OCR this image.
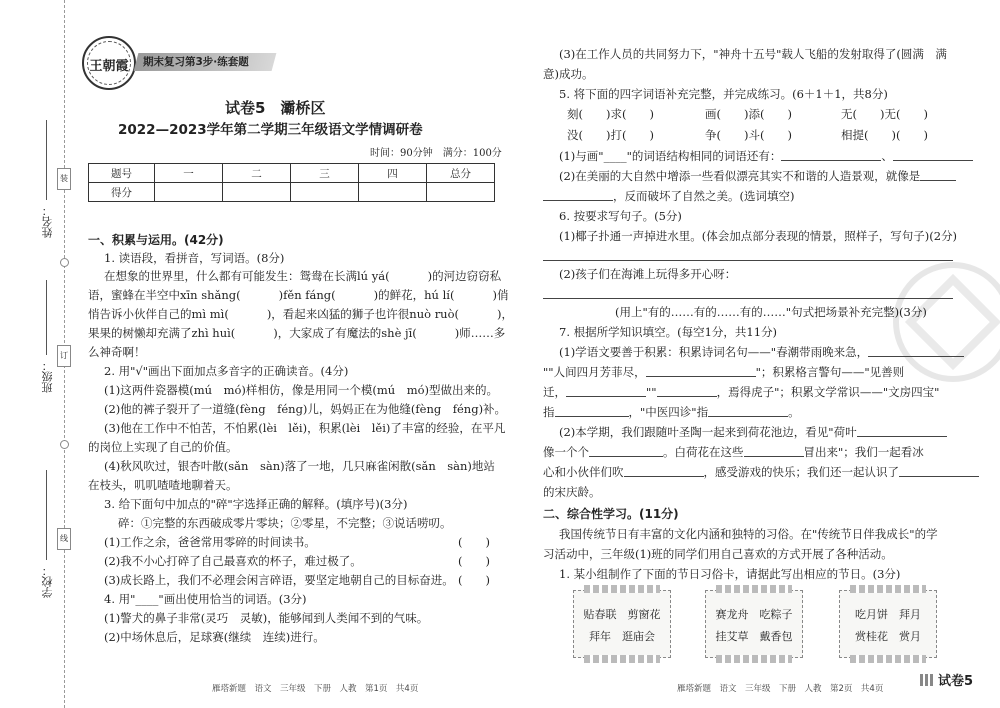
姓名：
班级：
学校：
装
订
线
王朝霞	期末复习第3步·练套题
试卷5　灞桥区
2022—2023学年第二学期三年级语文学情调研卷
时间：90分钟　满分：100分
题号	一	二	三	四	总分
得分					
一、积累与运用。(42分)
1. 读语段，看拼音，写词语。(8分)
在想象的世界里，什么都有可能发生：鸳鸯在长满lú yá(	)的河边窃窃私
语，蜜蜂在半空中xīn shǎng(	)fěn fáng(	)的鲜花，hú lí(	)俏
悄告诉小伙伴自己的mì mì(	)，看起来凶猛的狮子也许很nuò ruò(	)，
果果的树懒却充满了zhì huì(	)，大家成了有魔法的shè jī(	)师……多
么神奇啊！
2. 用"√"画出下面加点多音字的正确读音。(4分)
(1)这两件瓷器模(mú　mó)样相仿，像是用同一个模(mú　mó)型做出来的。
(2)他的裤子裂开了一道缝(fèng　féng)儿，妈妈正在为他缝(fèng　féng)补。
(3)他在工作中不怕苦，不怕累(lèi　lěi)，积累(lèi　lěi)了丰富的经验，在平凡
的岗位上实现了自己的价值。
(4)秋风吹过，银杏叶散(sǎn　sàn)落了一地，几只麻雀闲散(sǎn　sàn)地站
在枝头，叽叽喳喳地聊着天。
3. 给下面句中加点的"碎"字选择正确的解释。(填序号)(3分)
碎：①完整的东西破成零片零块；②零星，不完整；③说话唠叨。
(1)工作之余，爸爸常用零碎的时间读书。	(　　)
(2)我不小心打碎了自己最喜欢的杯子，难过极了。	(　　)
(3)成长路上，我们不必理会闲言碎语，要坚定地朝自己的目标奋进。 (　　)
4. 用"____"画出使用恰当的词语。(3分)
(1)警犬的鼻子非常(灵巧　灵敏)，能够闻到人类闻不到的气味。
(2)中场休息后，足球赛(继续　连续)进行。
雁塔新题　语文　三年级　下册　人教　第1页　共4页
(3)在工作人员的共同努力下，"神舟十五号"载人飞船的发射取得了(圆满　满
意)成功。
5. 将下面的四字词语补充完整，并完成练习。(6＋1＋1，共8分)
刻(　　)求(　　)	画(　　)添(　　)	无(　　)无(　　)
没(　　)打(　　)	争(　　)斗(　　)	相提(　　)(　　)
(1)与画"____"的词语结构相同的词语还有：	、
(2)在美丽的大自然中增添一些看似漂亮其实不和谐的人造景观，就像是
，反而破坏了自然之美。(选词填空)
6. 按要求写句子。(5分)
(1)椰子扑通一声掉进水里。(体会加点部分表现的情景，照样子，写句子)(2分)
(2)孩子们在海滩上玩得多开心呀：
(用上"有的……有的……有的……"句式把场景补充完整)(3分)
7. 根据所学知识填空。(每空1分，共11分)
(1)学语文要善于积累：积累诗词名句——"春潮带雨晚来急，
""人间四月芳菲尽，	"；积累格言警句——"见善则
迁，	""	，焉得虎子"；积累文学常识——"文房四宝"
指	，"中医四诊"指	。
(2)本学期，我们跟随叶圣陶一起来到荷花池边，看见"荷叶
像一个个	。白荷花在这些	冒出来"；我们一起看冰
心和小伙伴们吹	，感受游戏的快乐；我们还一起认识了
的宋庆龄。
二、综合性学习。(11分)
我国传统节日有丰富的文化内涵和独特的习俗。在"传统节日伴我成长"的学
习活动中，三年级(1)班的同学们用自己喜欢的方式开展了各种活动。
1. 某小组制作了下面的节日习俗卡，请据此写出相应的节日。(3分)
贴春联　剪窗花
拜年　逛庙会
赛龙舟　吃粽子
挂艾草　戴香包
吃月饼　拜月
赏桂花　赏月
雁塔新题　语文　三年级　下册　人教　第2页　共4页	试卷5
